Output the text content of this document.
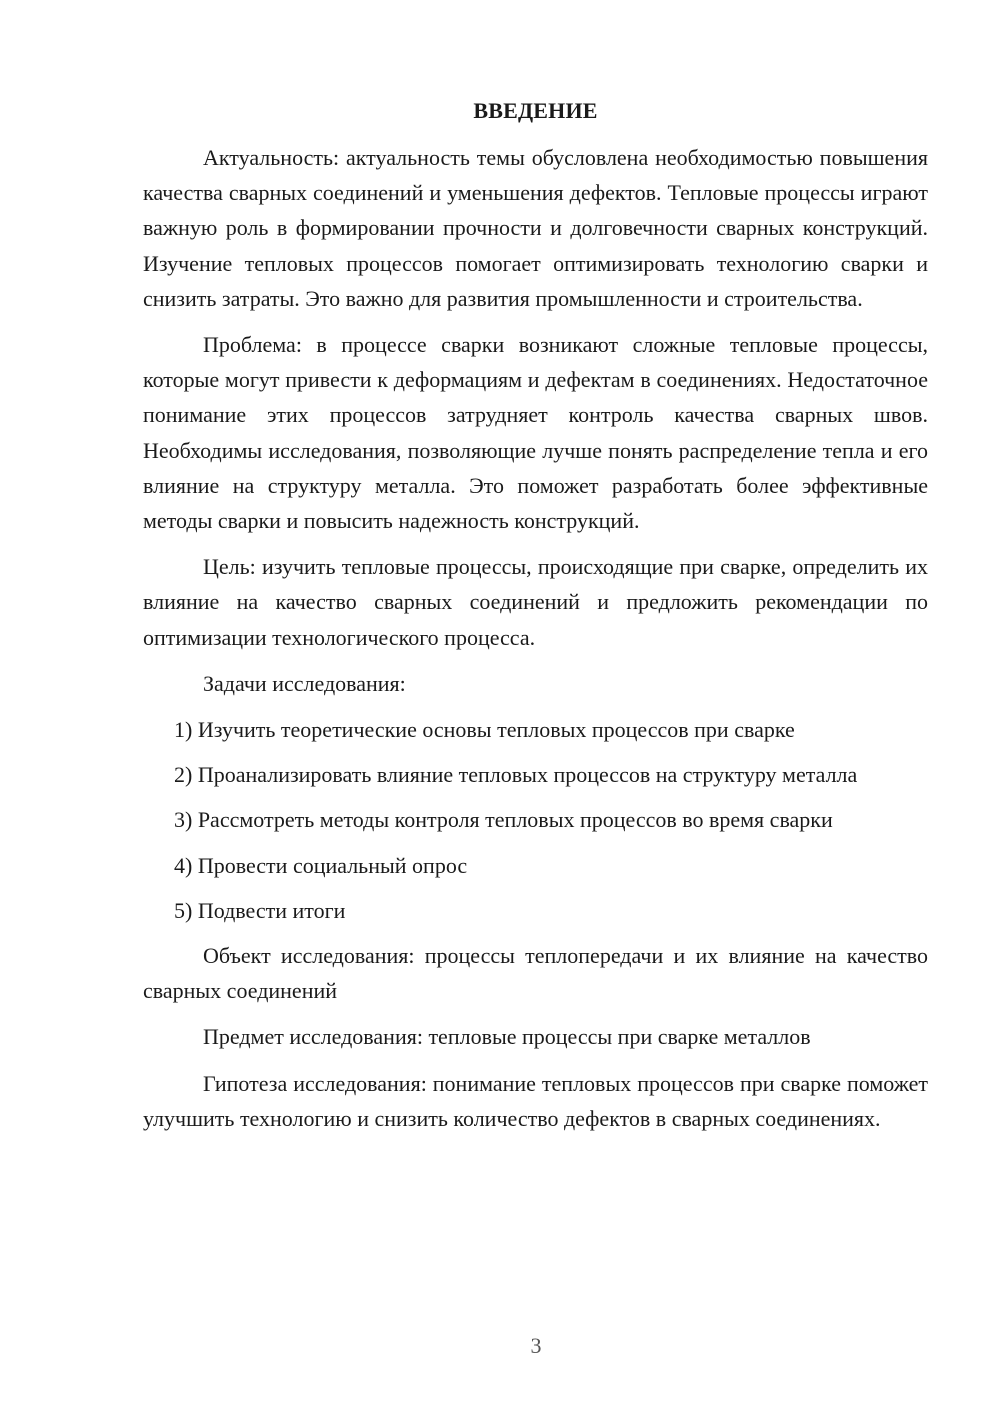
ВВЕДЕНИЕ

Актуальность: актуальность темы обусловлена необходимостью повышения качества сварных соединений и уменьшения дефектов. Тепловые процессы играют важную роль в формировании прочности и долговечности сварных конструкций. Изучение тепловых процессов помогает оптимизировать технологию сварки и снизить затраты. Это важно для развития промышленности и строительства.

Проблема: в процессе сварки возникают сложные тепловые процессы, которые могут привести к деформациям и дефектам в соединениях. Недостаточное понимание этих процессов затрудняет контроль качества сварных швов. Необходимы исследования, позволяющие лучше понять распределение тепла и его влияние на структуру металла. Это поможет разработать более эффективные методы сварки и повысить надежность конструкций.

Цель: изучить тепловые процессы, происходящие при сварке, определить их влияние на качество сварных соединений и предложить рекомендации по оптимизации технологического процесса.

Задачи исследования:

1) Изучить теоретические основы тепловых процессов при сварке

2) Проанализировать влияние тепловых процессов на структуру металла

3) Рассмотреть методы контроля тепловых процессов во время сварки

4) Провести социальный опрос

5) Подвести итоги

Объект исследования: процессы теплопередачи и их влияние на качество сварных соединений

Предмет исследования: тепловые процессы при сварке металлов

Гипотеза исследования: понимание тепловых процессов при сварке поможет улучшить технологию и снизить количество дефектов в сварных соединениях.

3
